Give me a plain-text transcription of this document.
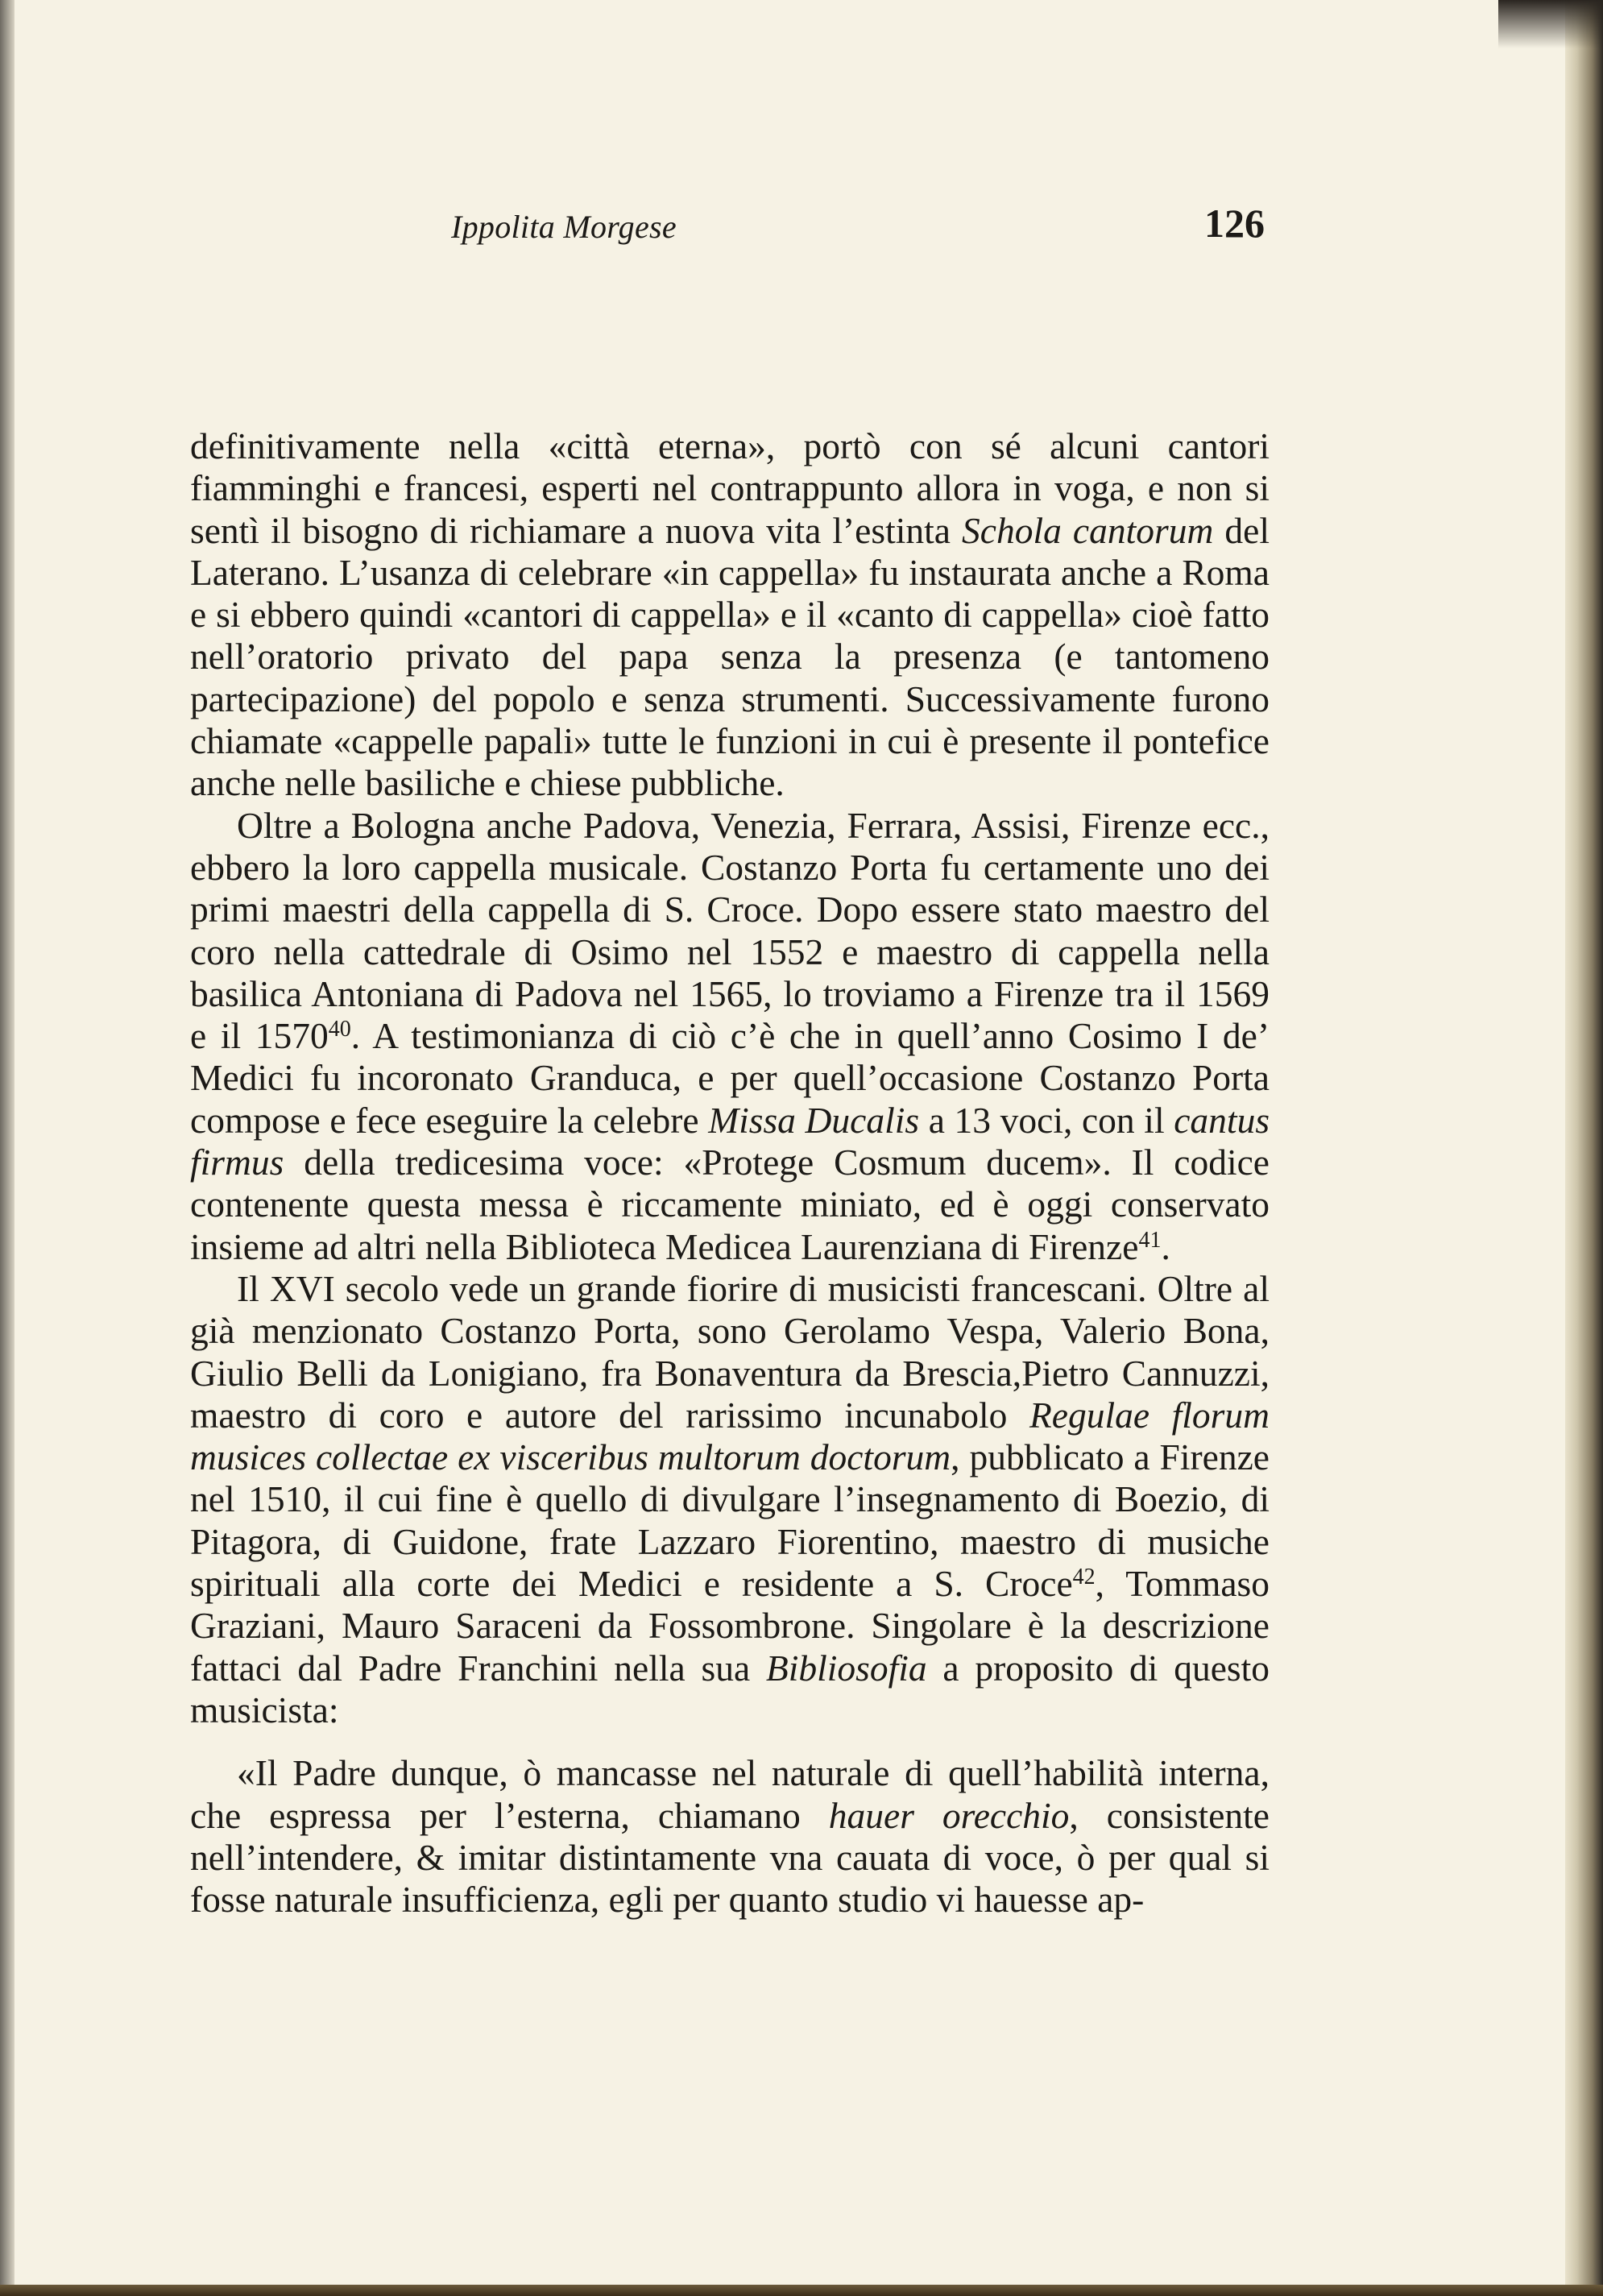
Ippolita Morgese	126

definitivamente nella «città eterna», portò con sé alcuni cantori fiamminghi e francesi, esperti nel contrappunto allora in voga, e non si sentì il bisogno di richiamare a nuova vita l’estinta Schola cantorum del Laterano. L’usanza di celebrare «in cappella» fu instaurata anche a Roma e si ebbero quindi «cantori di cappella» e il «canto di cappella» cioè fatto nell’oratorio privato del papa senza la presenza (e tantomeno partecipazione) del popolo e senza strumenti. Successivamente furono chiamate «cappelle papali» tutte le funzioni in cui è presente il pontefice anche nelle basiliche e chiese pubbliche.

Oltre a Bologna anche Padova, Venezia, Ferrara, Assisi, Firenze ecc., ebbero la loro cappella musicale. Costanzo Porta fu certamente uno dei primi maestri della cappella di S. Croce. Dopo essere stato maestro del coro nella cattedrale di Osimo nel 1552 e maestro di cappella nella basilica Antoniana di Padova nel 1565, lo troviamo a Firenze tra il 1569 e il 1570$^{40}$. A testimonianza di ciò c’è che in quell’anno Cosimo I de’ Medici fu incoronato Granduca, e per quell’occasione Costanzo Porta compose e fece eseguire la celebre Missa Ducalis a 13 voci, con il cantus firmus della tredicesima voce: «Protege Cosmum ducem». Il codice contenente questa messa è riccamente miniato, ed è oggi conservato insieme ad altri nella Biblioteca Medicea Laurenziana di Firenze$^{41}$.

Il XVI secolo vede un grande fiorire di musicisti francescani. Oltre al già menzionato Costanzo Porta, sono Gerolamo Vespa, Valerio Bona, Giulio Belli da Lonigiano, fra Bonaventura da Brescia,Pietro Cannuzzi, maestro di coro e autore del rarissimo incunabolo Regulae florum musices collectae ex visceribus multorum doctorum, pubblicato a Firenze nel 1510, il cui fine è quello di divulgare l’insegnamento di Boezio, di Pitagora, di Guidone, frate Lazzaro Fiorentino, maestro di musiche spirituali alla corte dei Medici e residente a S. Croce$^{42}$, Tommaso Graziani, Mauro Saraceni da Fossombrone. Singolare è la descrizione fattaci dal Padre Franchini nella sua Bibliosofia a proposito di questo musicista:

«Il Padre dunque, ò mancasse nel naturale di quell’habilità interna, che espressa per l’esterna, chiamano hauer orecchio, consistente nell’intendere, & imitar distintamente vna cauata di voce, ò per qual si fosse naturale insufficienza, egli per quanto studio vi hauesse ap-
